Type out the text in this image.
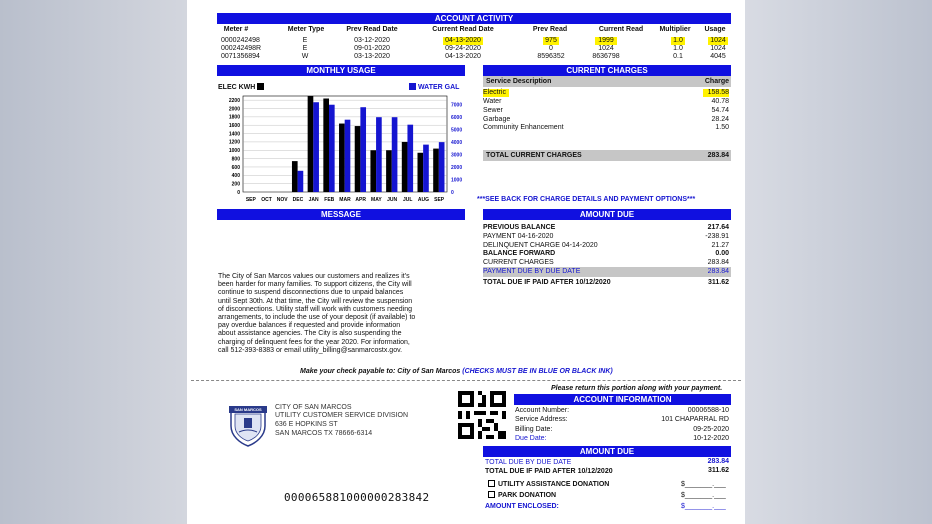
ACCOUNT ACTIVITY
Meter #	Meter Type	Prev Read Date	Current Read Date	Prev Read	Current Read	Multiplier	Usage
0000242498	E	03-12-2020	04-13-2020	975	1999	1.0	1024
000242498R	E	09-01-2020	09-24-2020	0	1024	1.0	1024
0071356894	W	03-13-2020	04-13-2020	8596352	8636798	0.1	4045
MONTHLY USAGE
ELEC KWH	WATER GAL
2200
2000
1800
1600
1400
1200
1000
800
600
400
200
0
7000
6000
5000
4000
3000
2000
1000
0
SEP OCT NOV DEC JAN FEB MAR APR MAY JUN JUL AUG SEP
MESSAGE
The City of San Marcos values our customers and realizes it's been harder for many families. To support citizens, the City will continue to suspend disconnections due to unpaid balances until Sept 30th. At that time, the City will review the suspension of disconnections. Utility staff will work with customers needing arrangements, to include the use of your deposit (if available) to pay overdue balances if requested and provide information about assistance agencies. The City is also suspending the charging of delinquent fees for the year 2020. For information, call 512-393-8383 or email utility_billing@sanmarcostx.gov.
CURRENT CHARGES
Service Description	Charge
Electric	158.58
Water	40.78
Sewer	54.74
Garbage	28.24
Community Enhancement	1.50
TOTAL CURRENT CHARGES	283.84
***SEE BACK FOR CHARGE DETAILS AND PAYMENT OPTIONS***
AMOUNT DUE
PREVIOUS BALANCE	217.64
PAYMENT 04-16-2020	-238.91
DELINQUENT CHARGE 04-14-2020	21.27
BALANCE FORWARD	0.00
CURRENT CHARGES	283.84
PAYMENT DUE BY DUE DATE	283.84
TOTAL DUE IF PAID AFTER 10/12/2020	311.62
Make your check payable to: City of San Marcos (CHECKS MUST BE IN BLUE OR BLACK INK)
Please return this portion along with your payment.
SAN MARCOS	CITY OF SAN MARCOS
UTILITY CUSTOMER SERVICE DIVISION
636 E HOPKINS ST
SAN MARCOS TX 78666-6314
ACCOUNT INFORMATION
Account Number:	00006588-10
Service Address:	101 CHAPARRAL RD
Billing Date:	09-25-2020
Due Date:	10-12-2020
AMOUNT DUE
TOTAL DUE BY DUE DATE	283.84
TOTAL DUE IF PAID AFTER 10/12/2020	311.62
UTILITY ASSISTANCE DONATION	$_______.___
PARK DONATION	$_______.___
AMOUNT ENCLOSED:	$_______.___
000065881000000283842
